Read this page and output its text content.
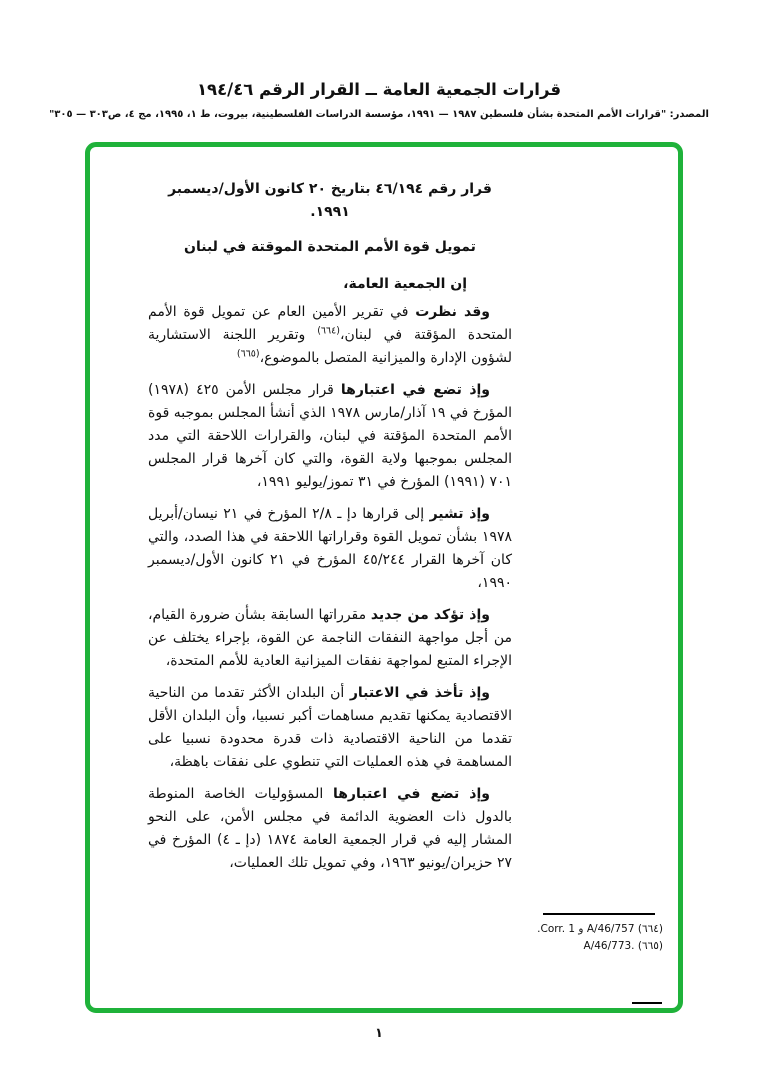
قرارات الجمعية العامة ــ القرار الرقم ١٩٤/٤٦
المصدر: "قرارات الأمم المتحدة بشأن فلسطين ١٩٨٧ — ١٩٩١، مؤسسة الدراسات الفلسطينية، بيروت، ط ١، ١٩٩٥، مج ٤، ص٣٠٣ — ٣٠٥"

قرار رقم ٤٦/١٩٤ بتاريخ ٢٠ كانون الأول/ديسمبر ١٩٩١.

تمويل قوة الأمم المتحدة الموقتة في لبنان

إن الجمعية العامة،

وقد نظرت في تقرير الأمين العام عن تمويل قوة الأمم المتحدة المؤقتة في لبنان،$^{(٦٦٤)}$ وتقرير اللجنة الاستشارية لشؤون الإدارة والميزانية المتصل بالموضوع،$^{(٦٦٥)}$

وإذ تضع في اعتبارها قرار مجلس الأمن ٤٢٥ (١٩٧٨) المؤرخ في ١٩ آذار/مارس ١٩٧٨ الذي أنشأ المجلس بموجبه قوة الأمم المتحدة المؤقتة في لبنان، والقرارات اللاحقة التي مدد المجلس بموجبها ولاية القوة، والتي كان آخرها قرار المجلس ٧٠١ (١٩٩١) المؤرخ في ٣١ تموز/يوليو ١٩٩١،

وإذ تشير إلى قرارها دإ ـ ٢/٨ المؤرخ في ٢١ نيسان/أبريل ١٩٧٨ بشأن تمويل القوة وقراراتها اللاحقة في هذا الصدد، والتي كان آخرها القرار ٤٥/٢٤٤ المؤرخ في ٢١ كانون الأول/ديسمبر ١٩٩٠،

وإذ تؤكد من جديد مقرراتها السابقة بشأن ضرورة القيام، من أجل مواجهة النفقات الناجمة عن القوة، بإجراء يختلف عن الإجراء المتبع لمواجهة نفقات الميزانية العادية للأمم المتحدة،

وإذ تأخذ في الاعتبار أن البلدان الأكثر تقدما من الناحية الاقتصادية يمكنها تقديم مساهمات أكبر نسبيا، وأن البلدان الأقل تقدما من الناحية الاقتصادية ذات قدرة محدودة نسبيا على المساهمة في هذه العمليات التي تنطوي على نفقات باهظة،

وإذ تضع في اعتبارها المسؤوليات الخاصة المنوطة بالدول ذات العضوية الدائمة في مجلس الأمن، على النحو المشار إليه في قرار الجمعية العامة ١٨٧٤ (دإ ـ ٤) المؤرخ في ٢٧ حزيران/يونيو ١٩٦٣، وفي تمويل تلك العمليات،

(٦٦٤) A/46/757 و Corr. 1.
(٦٦٥) A/46/773.
١
